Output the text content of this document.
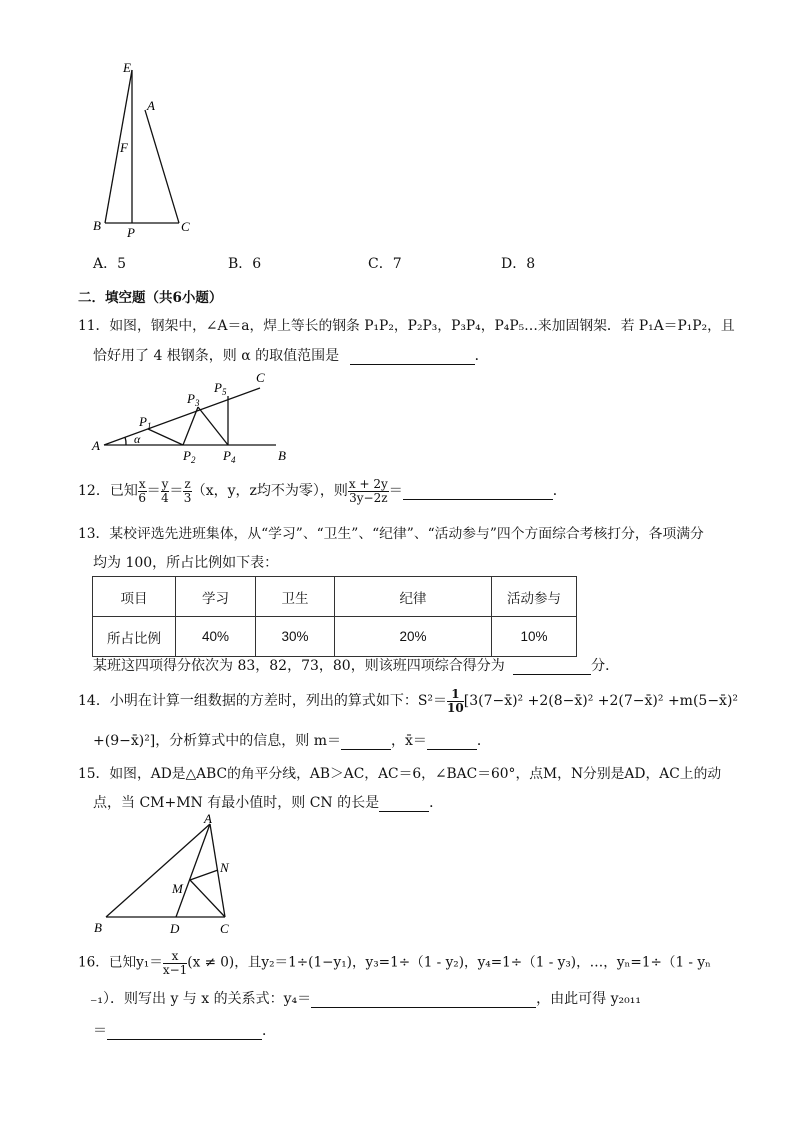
E
A
F
B P	C
A．5	B．6	C．7	D．8
二．填空题（共6小题）
11．如图，钢架中，∠A＝a，焊上等长的钢条 P₁P₂，P₂P₃，P₃P₄，P₄P₅…来加固钢架．若 P₁A＝P₁P₂，且
恰好用了 4 根钢条，则 α 的取值范围是	．
A	α
$P_1$
$P_2$
$P_3$
$P_4$
$P_5$
C
B
12．已知 $\frac{x}{6} = \frac{y}{4} = \frac{z}{3} (x$，y，z均不为零），则 $\frac{x + 2y}{3y-2z}$ ＝	．
13．某校评选先进班集体，从“学习”、“卫生”、“纪律”、“活动参与”四个方面综合考核打分，各项满分
均为 100，所占比例如下表：
项目	学习	卫生	纪律	活动参与
所占比例	40%	30%	20%	10%
某班这四项得分依次为 83，82，73，80，则该班四项综合得分为	分．
14．小明在计算一组数据的方差时，列出的算式如下：$S^2= \frac{1}{10}$ [3(7−x̄)² +2(8−x̄)² +2(7−x̄)² +m(5−x̄)²
+(9−x̄)²]，分析算式中的信息，则 m＝	，x̄＝	．
15．如图，AD是△ABC的角平分线，AB＞AC，AC＝6，∠BAC＝60°，点M，N分别是AD，AC上的动
点，当 CM+MN 有最小值时，则 CN 的长是	．
A
N
M
B	D	C
16．已知$y_1= \frac{x}{x-1} (x \ne 0)$，且y₂＝1÷(1−y₁)，y₃=1÷（1 - y₂)，y₄=1÷（1 - y₃)，…，yₙ=1÷（1 - yₙ
₋₁）．则写出 y 与 x 的关系式：y₄＝	，由此可得 y₂₀₁₁
＝	．
